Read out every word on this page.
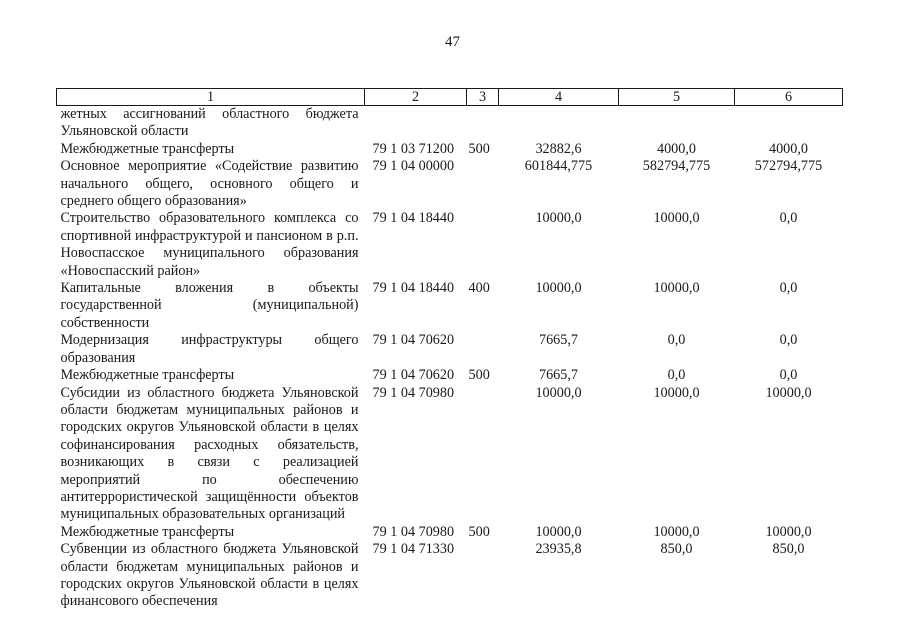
47
1	2	3	4	5	6
жетных ассигнований областного бюджета Ульяновской области					
Межбюджетные трансферты	79 1 03 71200	500	32882,6	4000,0	4000,0
Основное мероприятие «Содействие развитию начального общего, основного общего и среднего общего образования»	79 1 04 00000		601844,775	582794,775	572794,775
Строительство образовательного комплекса со спортивной инфраструктурой и пансионом в р.п. Новоспасское муниципального образования «Новоспасский район»	79 1 04 18440		10000,0	10000,0	0,0
Капитальные вложения в объекты государственной (муниципальной) собственности	79 1 04 18440	400	10000,0	10000,0	0,0
Модернизация инфраструктуры общего образования	79 1 04 70620		7665,7	0,0	0,0
Межбюджетные трансферты	79 1 04 70620	500	7665,7	0,0	0,0
Субсидии из областного бюджета Ульяновской области бюджетам муниципальных районов и городских округов Ульяновской области в целях софинансирования расходных обязательств, возникающих в связи с реализацией мероприятий по обеспечению антитеррористической защищённости объектов муниципальных образовательных организаций	79 1 04 70980		10000,0	10000,0	10000,0
Межбюджетные трансферты	79 1 04 70980	500	10000,0	10000,0	10000,0
Субвенции из областного бюджета Ульяновской области бюджетам муниципальных районов и городских округов Ульяновской области в целях финансового обеспечения	79 1 04 71330		23935,8	850,0	850,0
